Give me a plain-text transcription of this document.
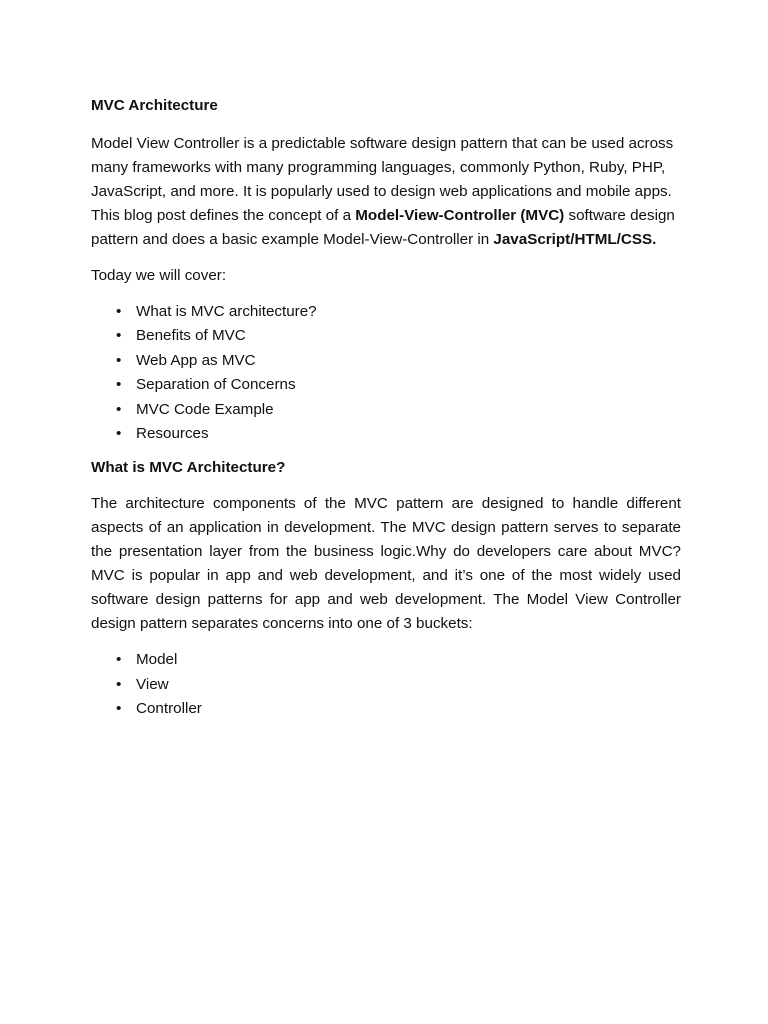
MVC Architecture

Model View Controller is a predictable software design pattern that can be used across many frameworks with many programming languages, commonly Python, Ruby, PHP, JavaScript, and more. It is popularly used to design web applications and mobile apps. This blog post defines the concept of a Model-View-Controller (MVC) software design pattern and does a basic example Model-View-Controller in JavaScript/HTML/CSS.

Today we will cover:

• What is MVC architecture?
• Benefits of MVC
• Web App as MVC
• Separation of Concerns
• MVC Code Example
• Resources
What is MVC Architecture?

The architecture components of the MVC pattern are designed to handle different aspects of an application in development. The MVC design pattern serves to separate the presentation layer from the business logic.Why do developers care about MVC? MVC is popular in app and web development, and it’s one of the most widely used software design patterns for app and web development. The Model View Controller design pattern separates concerns into one of 3 buckets:

• Model
• View
• Controller
